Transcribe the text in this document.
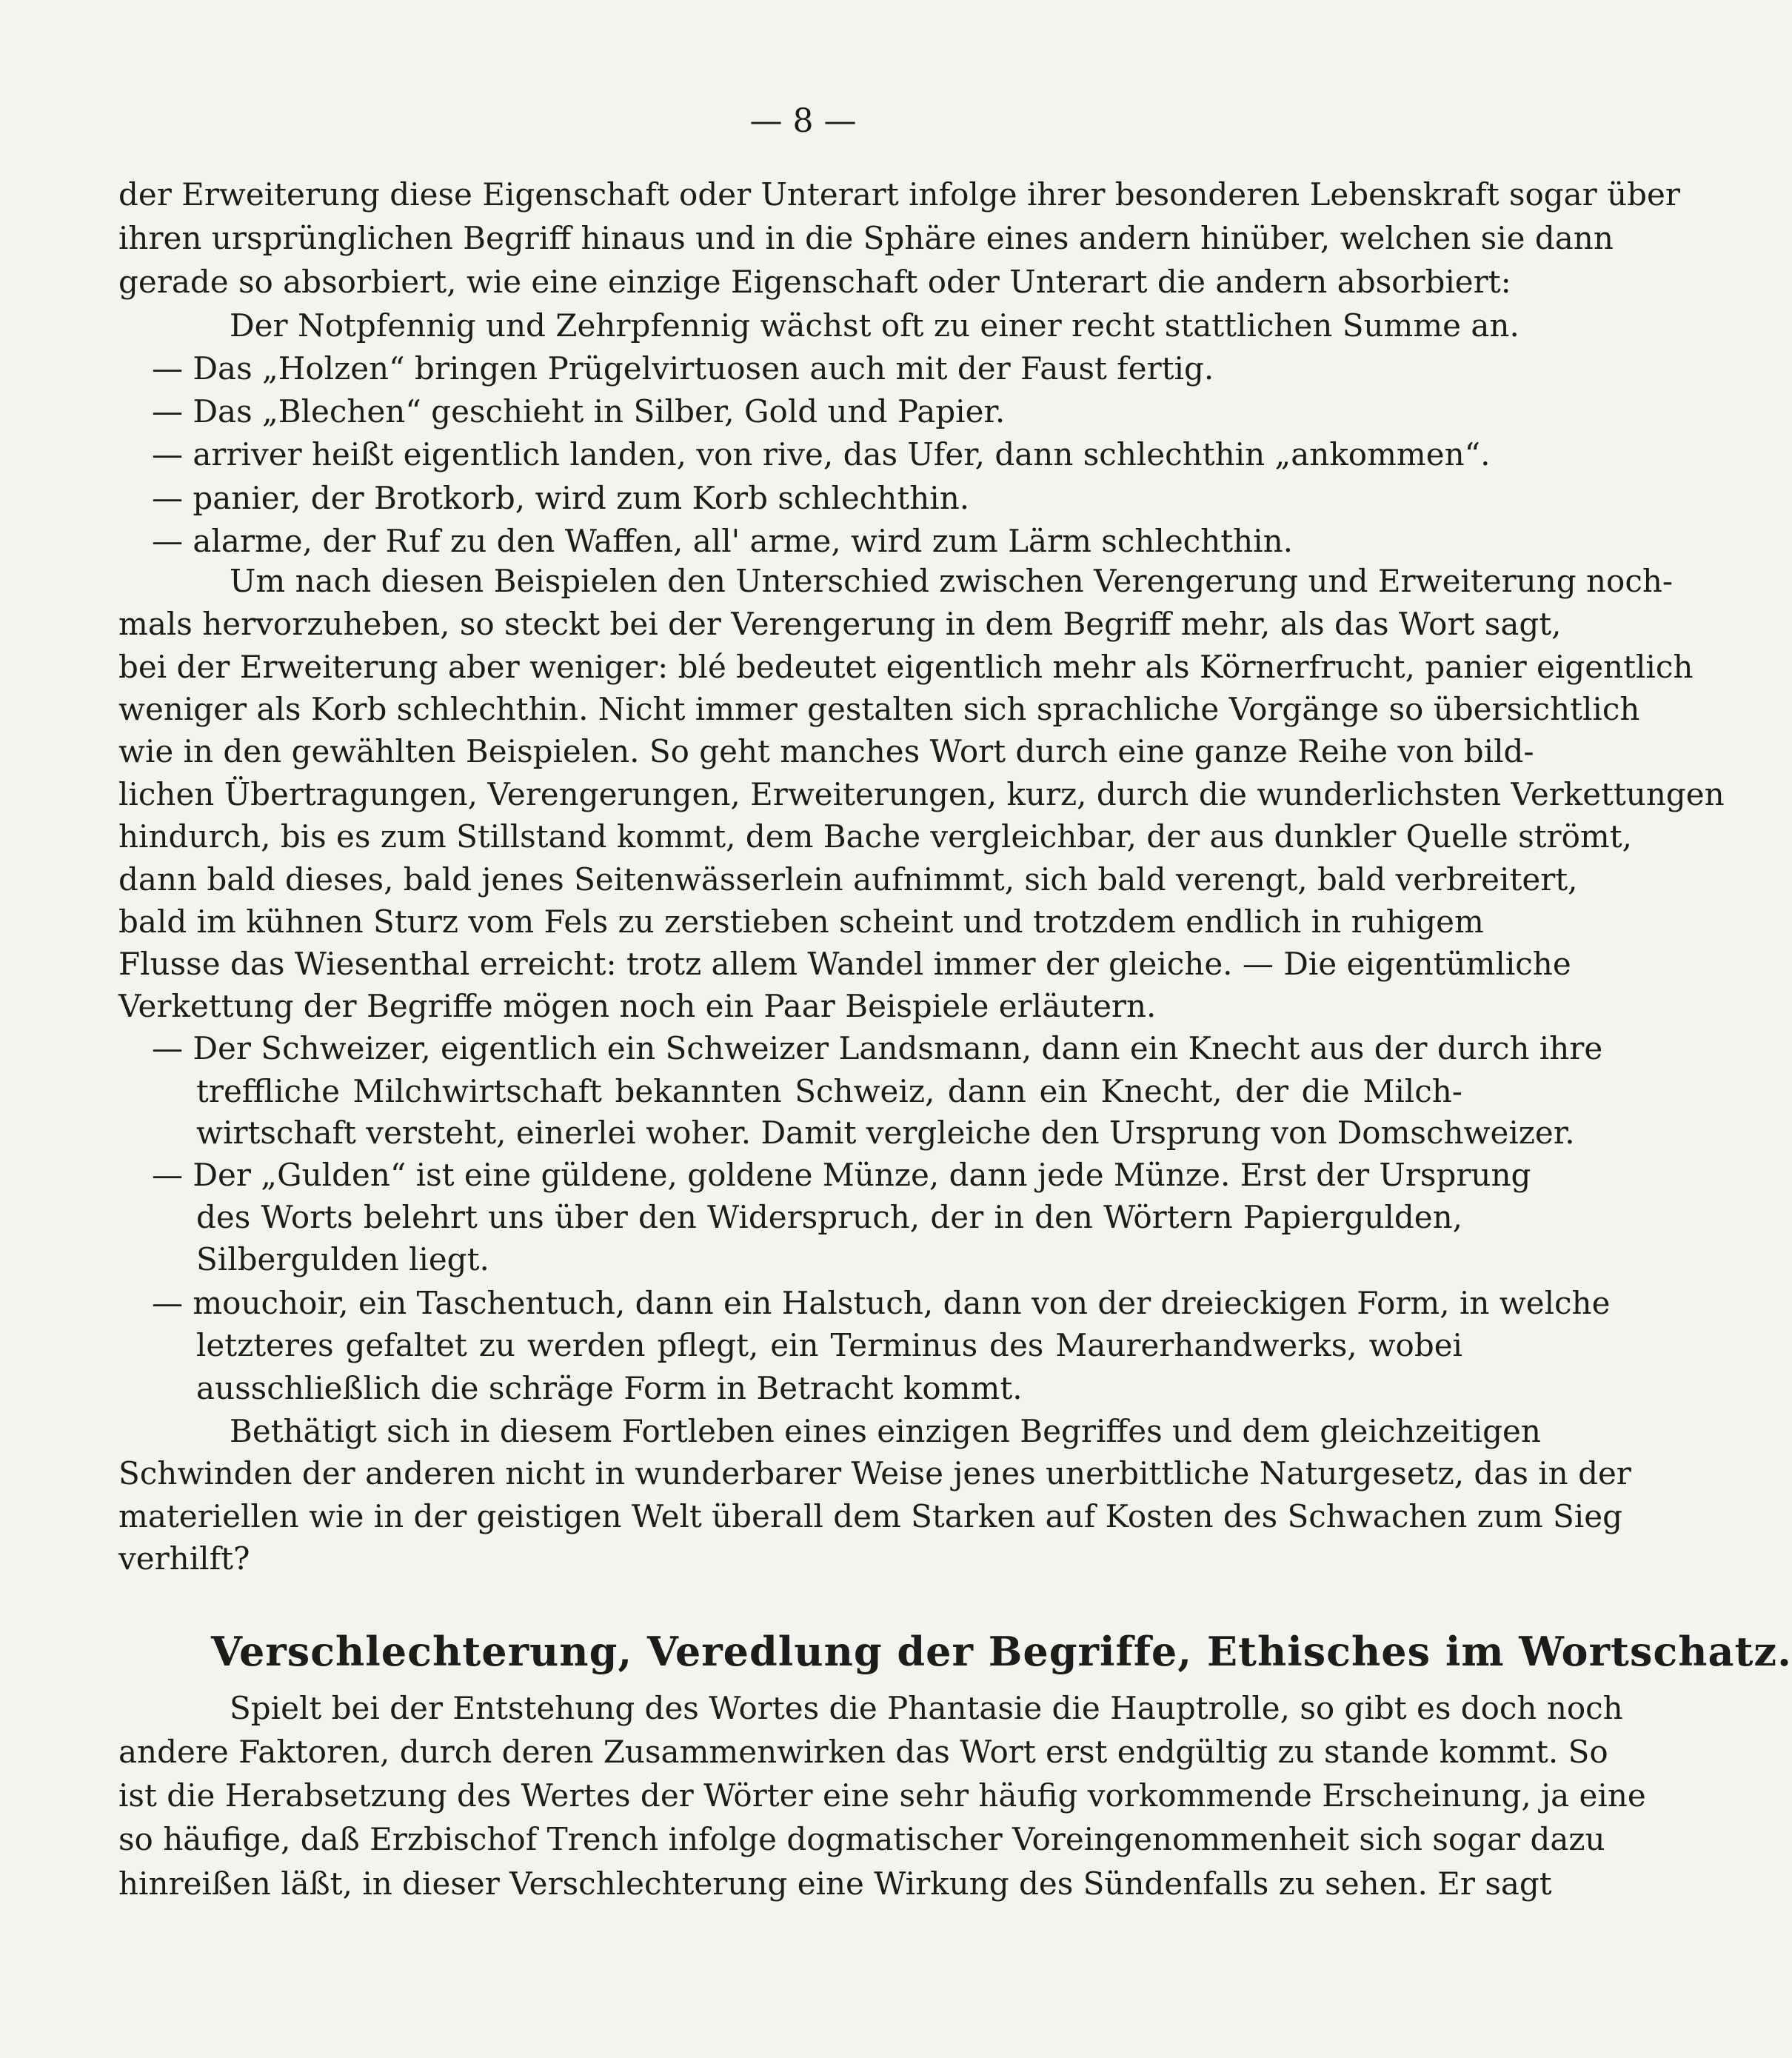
— 8 —
der Erweiterung diese Eigenschaft oder Unterart infolge ihrer besonderen Lebenskraft sogar über
ihren ursprünglichen Begriff hinaus und in die Sphäre eines andern hinüber, welchen sie dann
gerade so absorbiert, wie eine einzige Eigenschaft oder Unterart die andern absorbiert:
Der Notpfennig und Zehrpfennig wächst oft zu einer recht stattlichen Summe an.
— Das „Holzen“ bringen Prügelvirtuosen auch mit der Faust fertig.
— Das „Blechen“ geschieht in Silber, Gold und Papier.
— arriver heißt eigentlich landen, von rive, das Ufer, dann schlechthin „ankommen“.
— panier, der Brotkorb, wird zum Korb schlechthin.
— alarme, der Ruf zu den Waffen, all' arme, wird zum Lärm schlechthin.
Um nach diesen Beispielen den Unterschied zwischen Verengerung und Erweiterung noch-
mals hervorzuheben, so steckt bei der Verengerung in dem Begriff mehr, als das Wort sagt,
bei der Erweiterung aber weniger: blé bedeutet eigentlich mehr als Körnerfrucht, panier eigentlich
weniger als Korb schlechthin. Nicht immer gestalten sich sprachliche Vorgänge so übersichtlich
wie in den gewählten Beispielen. So geht manches Wort durch eine ganze Reihe von bild-
lichen Übertragungen, Verengerungen, Erweiterungen, kurz, durch die wunderlichsten Verkettungen
hindurch, bis es zum Stillstand kommt, dem Bache vergleichbar, der aus dunkler Quelle strömt,
dann bald dieses, bald jenes Seitenwässerlein aufnimmt, sich bald verengt, bald verbreitert,
bald im kühnen Sturz vom Fels zu zerstieben scheint und trotzdem endlich in ruhigem
Flusse das Wiesenthal erreicht: trotz allem Wandel immer der gleiche. — Die eigentümliche
Verkettung der Begriffe mögen noch ein Paar Beispiele erläutern.
— Der Schweizer, eigentlich ein Schweizer Landsmann, dann ein Knecht aus der durch ihre
treffliche Milchwirtschaft bekannten Schweiz, dann ein Knecht, der die Milch-
wirtschaft versteht, einerlei woher. Damit vergleiche den Ursprung von Domschweizer.
— Der „Gulden“ ist eine güldene, goldene Münze, dann jede Münze. Erst der Ursprung
des Worts belehrt uns über den Widerspruch, der in den Wörtern Papiergulden,
Silbergulden liegt.
— mouchoir, ein Taschentuch, dann ein Halstuch, dann von der dreieckigen Form, in welche
letzteres gefaltet zu werden pflegt, ein Terminus des Maurerhandwerks, wobei
ausschließlich die schräge Form in Betracht kommt.
Bethätigt sich in diesem Fortleben eines einzigen Begriffes und dem gleichzeitigen
Schwinden der anderen nicht in wunderbarer Weise jenes unerbittliche Naturgesetz, das in der
materiellen wie in der geistigen Welt überall dem Starken auf Kosten des Schwachen zum Sieg
verhilft?
Verschlechterung, Veredlung der Begriffe, Ethisches im Wortschatz.
Spielt bei der Entstehung des Wortes die Phantasie die Hauptrolle, so gibt es doch noch
andere Faktoren, durch deren Zusammenwirken das Wort erst endgültig zu stande kommt. So
ist die Herabsetzung des Wertes der Wörter eine sehr häufig vorkommende Erscheinung, ja eine
so häufige, daß Erzbischof Trench infolge dogmatischer Voreingenommenheit sich sogar dazu
hinreißen läßt, in dieser Verschlechterung eine Wirkung des Sündenfalls zu sehen. Er sagt
